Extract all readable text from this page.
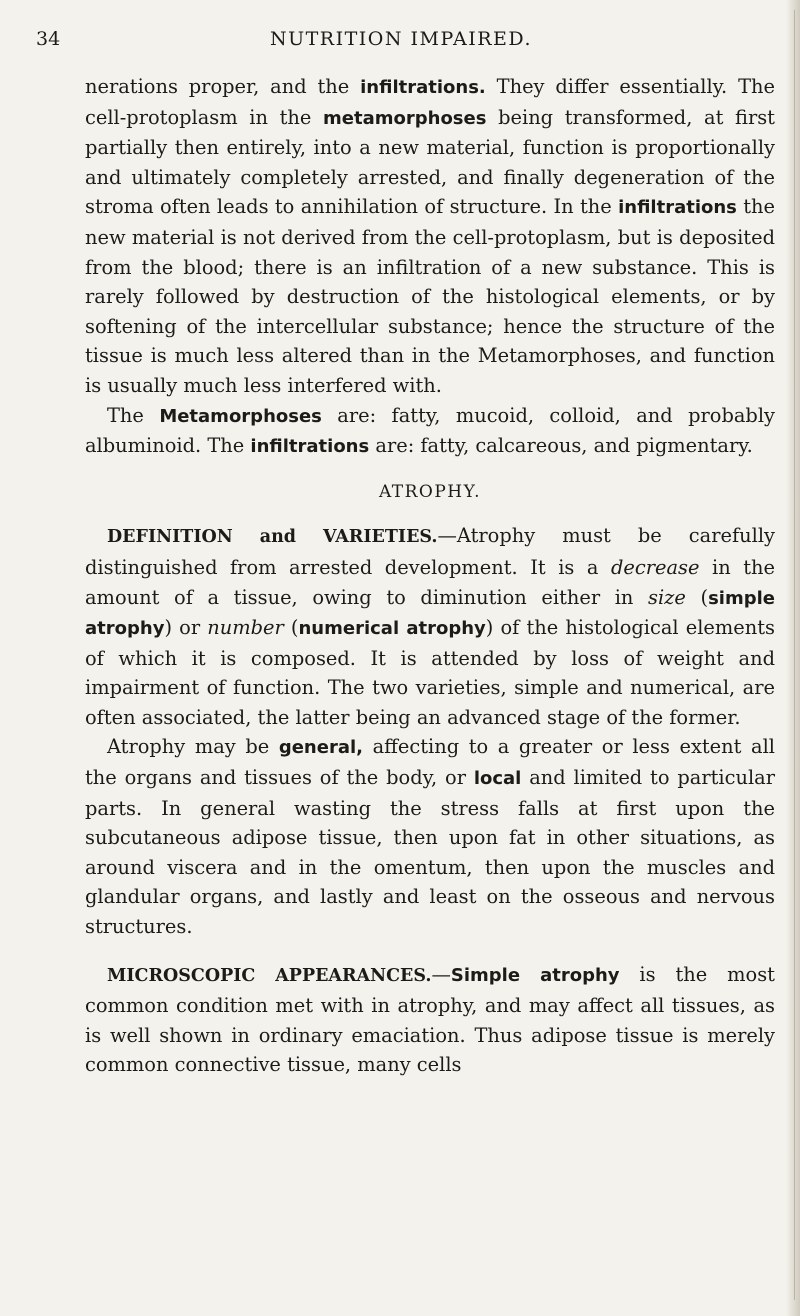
34	NUTRITION IMPAIRED.

nerations proper, and the infiltrations. They differ essentially. The cell-protoplasm in the metamorphoses being transformed, at first partially then entirely, into a new material, function is proportionally and ultimately completely arrested, and finally degeneration of the stroma often leads to annihilation of structure. In the infiltrations the new material is not derived from the cell-protoplasm, but is deposited from the blood; there is an infiltration of a new substance. This is rarely followed by destruction of the histological elements, or by softening of the intercellular substance; hence the structure of the tissue is much less altered than in the Metamorphoses, and function is usually much less interfered with.

The Metamorphoses are: fatty, mucoid, colloid, and probably albuminoid. The infiltrations are: fatty, calcareous, and pigmentary.

ATROPHY.

DEFINITION and VARIETIES.—Atrophy must be carefully distinguished from arrested development. It is a decrease in the amount of a tissue, owing to diminution either in size (simple atrophy) or number (numerical atrophy) of the histological elements of which it is composed. It is attended by loss of weight and impairment of function. The two varieties, simple and numerical, are often associated, the latter being an advanced stage of the former.

Atrophy may be general, affecting to a greater or less extent all the organs and tissues of the body, or local and limited to particular parts. In general wasting the stress falls at first upon the subcutaneous adipose tissue, then upon fat in other situations, as around viscera and in the omentum, then upon the muscles and glandular organs, and lastly and least on the osseous and nervous structures.

MICROSCOPIC APPEARANCES.—Simple atrophy is the most common condition met with in atrophy, and may affect all tissues, as is well shown in ordinary emaciation. Thus adipose tissue is merely common connective tissue, many cells
